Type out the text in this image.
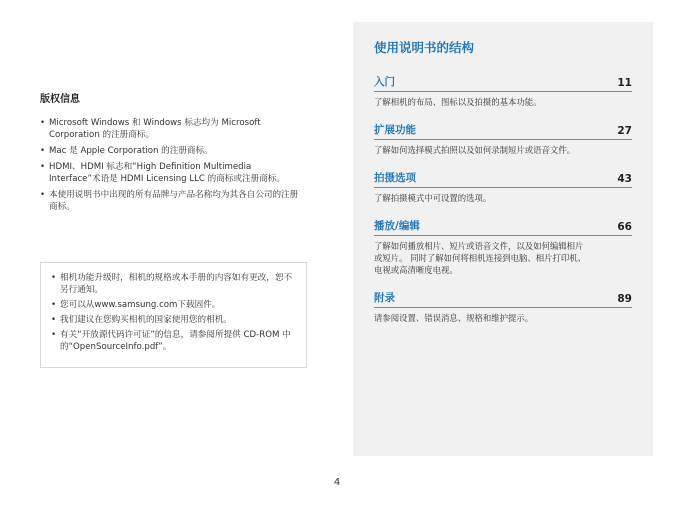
版权信息
• Microsoft Windows 和 Windows 标志均为 Microsoft Corporation 的注册商标。
• Mac 是 Apple Corporation 的注册商标。
• HDMI、HDMI 标志和“High Definition Multimedia Interface”术语是 HDMI Licensing LLC 的商标或注册商标。
• 本使用说明书中出现的所有品牌与产品名称均为其各自公司的注册商标。
• 相机功能升级时，相机的规格或本手册的内容如有更改，恕不另行通知。
• 您可以从www.samsung.com下载固件。
• 我们建议在您购买相机的国家使用您的相机。
• 有关“开放源代码许可证”的信息，请参阅所提供 CD-ROM 中的“OpenSourceInfo.pdf”。
使用说明书的结构
入门	11
了解相机的布局、图标以及拍摄的基本功能。
扩展功能	27
了解如何选择模式拍照以及如何录制短片或语音文件。
拍摄选项	43
了解拍摄模式中可设置的选项。
播放/编辑	66
了解如何播放相片、短片或语音文件，以及如何编辑相片或短片。 同时了解如何将相机连接到电脑、相片打印机、电视或高清晰度电视。
附录	89
请参阅设置、错误消息、规格和维护提示。
4
